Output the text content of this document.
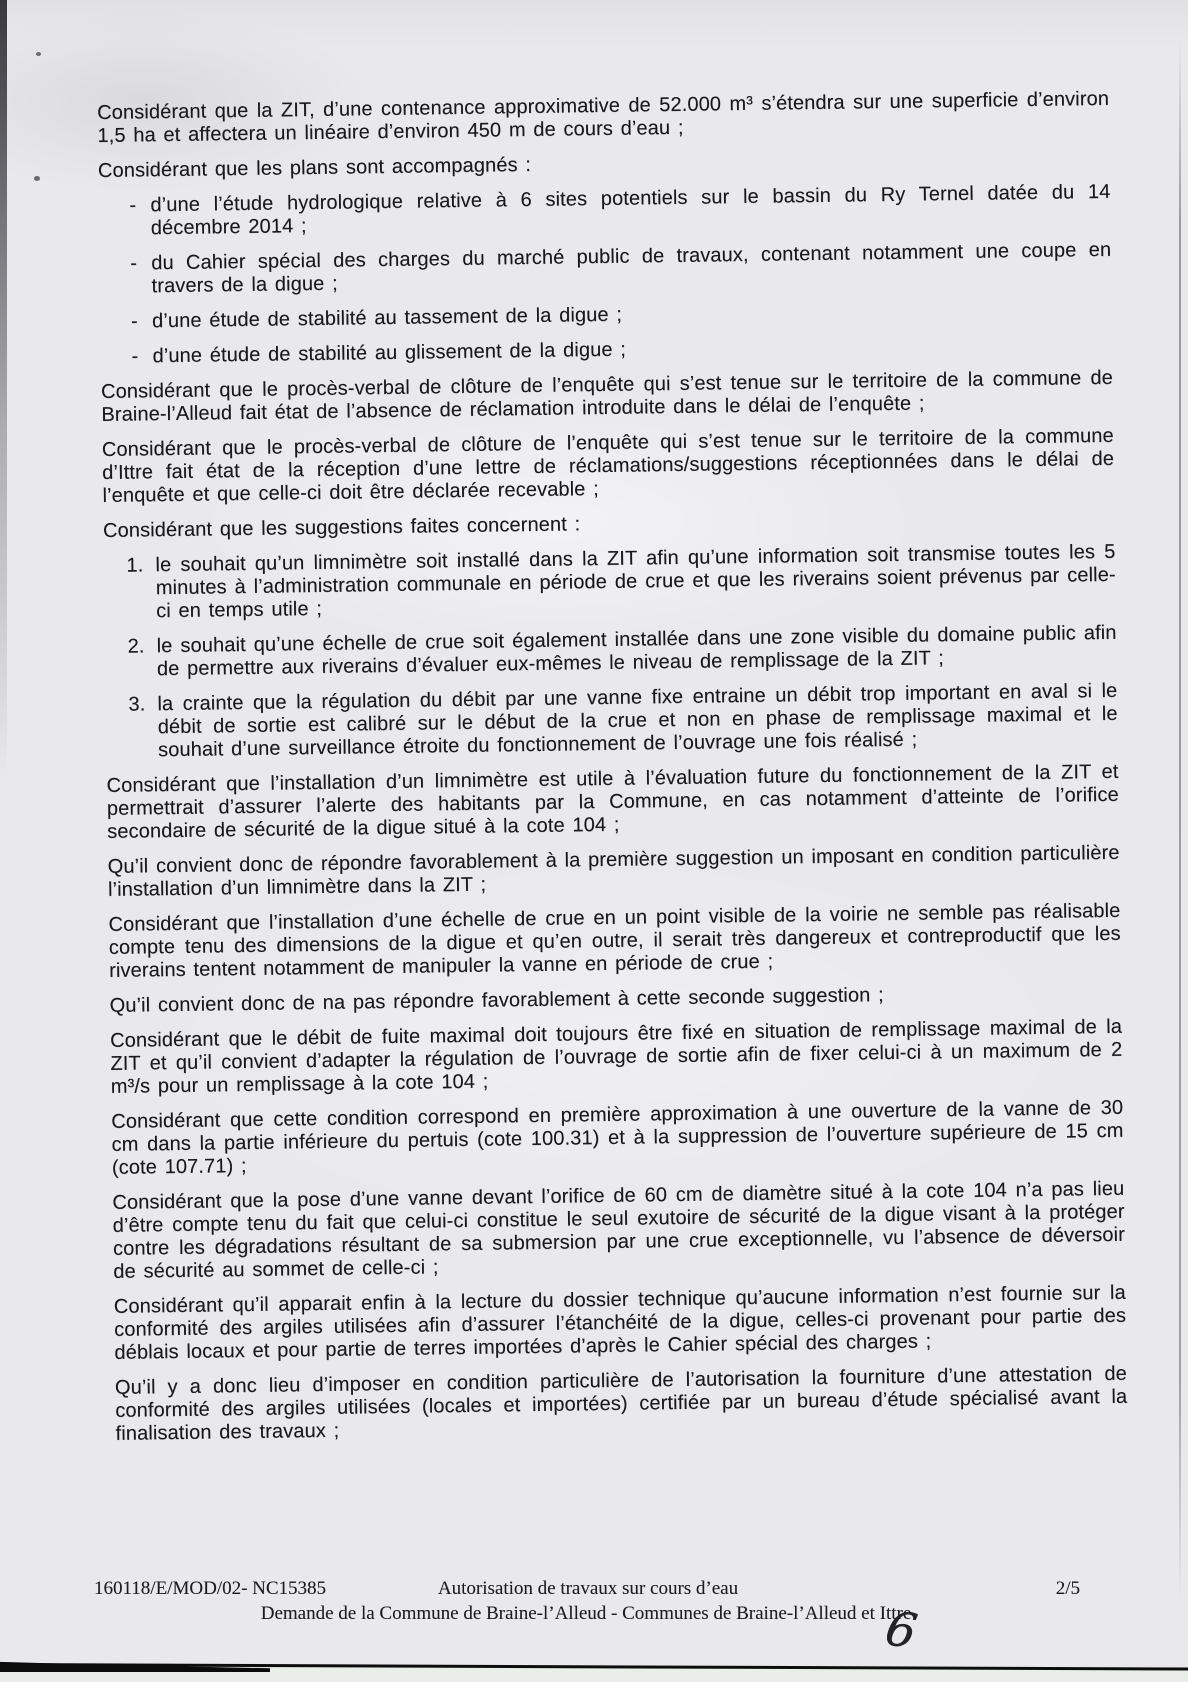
Considérant que la ZIT, d’une contenance approximative de 52.000 m³ s’étendra sur une superficie d’environ 1,5 ha et affectera un linéaire d’environ 450 m de cours d’eau ;
Considérant que les plans sont accompagnés :
- d’une l’étude hydrologique relative à 6 sites potentiels sur le bassin du Ry Ternel datée du 14 décembre 2014 ;
- du Cahier spécial des charges du marché public de travaux, contenant notamment une coupe en travers de la digue ;
- d’une étude de stabilité au tassement de la digue ;
- d’une étude de stabilité au glissement de la digue ;
Considérant que le procès-verbal de clôture de l’enquête qui s’est tenue sur le territoire de la commune de Braine-l’Alleud fait état de l’absence de réclamation introduite dans le délai de l’enquête ;
Considérant que le procès-verbal de clôture de l’enquête qui s’est tenue sur le territoire de la commune d’Ittre fait état de la réception d’une lettre de réclamations/suggestions réceptionnées dans le délai de l’enquête et que celle-ci doit être déclarée recevable ;
Considérant que les suggestions faites concernent :
1. le souhait qu’un limnimètre soit installé dans la ZIT afin qu’une information soit transmise toutes les 5 minutes à l’administration communale en période de crue et que les riverains soient prévenus par celle-ci en temps utile ;
2. le souhait qu’une échelle de crue soit également installée dans une zone visible du domaine public afin de permettre aux riverains d’évaluer eux-mêmes le niveau de remplissage de la ZIT ;
3. la crainte que la régulation du débit par une vanne fixe entraine un débit trop important en aval si le débit de sortie est calibré sur le début de la crue et non en phase de remplissage maximal et le souhait d’une surveillance étroite du fonctionnement de l’ouvrage une fois réalisé ;
Considérant que l’installation d’un limnimètre est utile à l’évaluation future du fonctionnement de la ZIT et permettrait d’assurer l’alerte des habitants par la Commune, en cas notamment d’atteinte de l’orifice secondaire de sécurité de la digue situé à la cote 104 ;
Qu’il convient donc de répondre favorablement à la première suggestion un imposant en condition particulière l’installation d’un limnimètre dans la ZIT ;
Considérant que l’installation d’une échelle de crue en un point visible de la voirie ne semble pas réalisable compte tenu des dimensions de la digue et qu’en outre, il serait très dangereux et contreproductif que les riverains tentent notamment de manipuler la vanne en période de crue ;
Qu’il convient donc de na pas répondre favorablement à cette seconde suggestion ;
Considérant que le débit de fuite maximal doit toujours être fixé en situation de remplissage maximal de la ZIT et qu’il convient d’adapter la régulation de l’ouvrage de sortie afin de fixer celui-ci à un maximum de 2 m³/s pour un remplissage à la cote 104 ;
Considérant que cette condition correspond en première approximation à une ouverture de la vanne de 30 cm dans la partie inférieure du pertuis (cote 100.31) et à la suppression de l’ouverture supérieure de 15 cm (cote 107.71) ;
Considérant que la pose d’une vanne devant l’orifice de 60 cm de diamètre situé à la cote 104 n’a pas lieu d’être compte tenu du fait que celui-ci constitue le seul exutoire de sécurité de la digue visant à la protéger contre les dégradations résultant de sa submersion par une crue exceptionnelle, vu l’absence de déversoir de sécurité au sommet de celle-ci ;
Considérant qu’il apparait enfin à la lecture du dossier technique qu’aucune information n’est fournie sur la conformité des argiles utilisées afin d’assurer l’étanchéité de la digue, celles-ci provenant pour partie des déblais locaux et pour partie de terres importées d’après le Cahier spécial des charges ;
Qu’il y a donc lieu d’imposer en condition particulière de l’autorisation la fourniture d’une attestation de conformité des argiles utilisées (locales et importées) certifiée par un bureau d’étude spécialisé avant la finalisation des travaux ;
160118/E/MOD/02- NC15385	Autorisation de travaux sur cours d’eau	2/5
Demande de la Commune de Braine-l’Alleud - Communes de Braine-l’Alleud et Ittre
6
